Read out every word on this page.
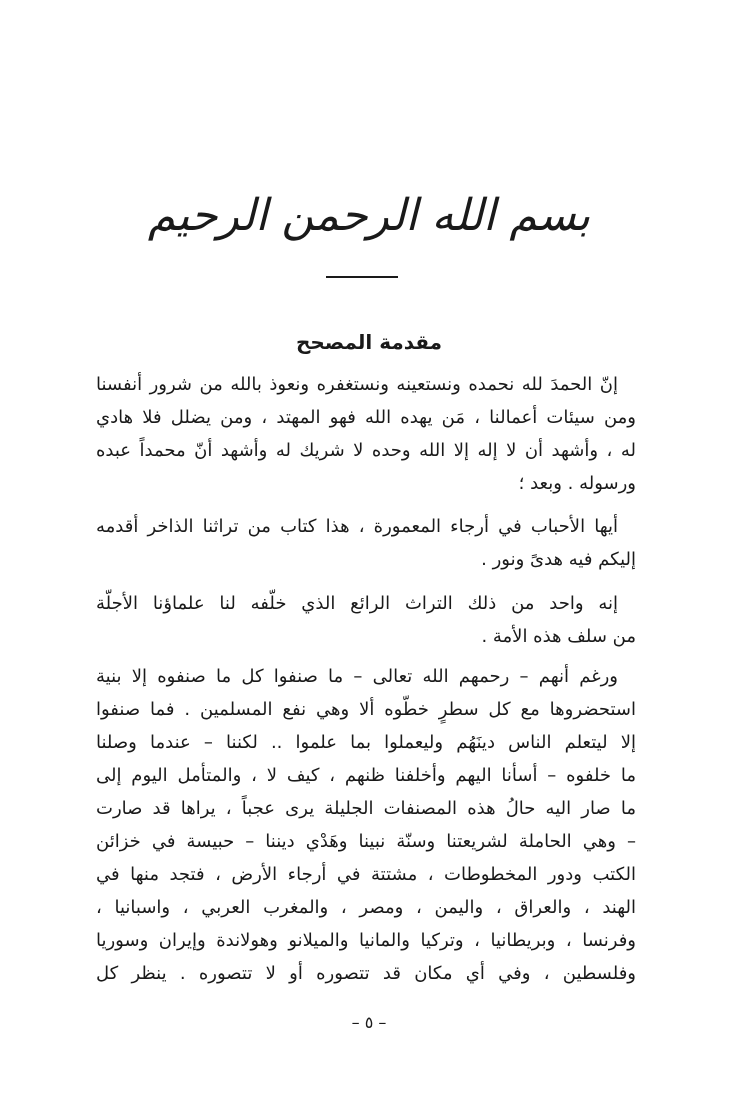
بسم الله الرحمن الرحيم
مقدمة المصحح
إنّ الحمدَ لله نحمده ونستعينه ونستغفره ونعوذ بالله من شرور أنفسنا
ومن سيئات أعمالنا ، مَن يهده الله فهو المهتد ، ومن يضلل فلا هادي
له ، وأشهد أن لا إله إلا الله وحده لا شريك له وأشهد أنّ محمداً عبده
ورسوله . وبعد ؛
أيها الأحباب في أرجاء المعمورة ، هذا كتاب من تراثنا الذاخر أقدمه
إليكم فيه هدىً ونور .
إنه واحد من ذلك التراث الرائع الذي خلّفه لنا علماؤنا الأجلّة
من سلف هذه الأمة .
ورغم أنهم – رحمهم الله تعالى – ما صنفوا كل ما صنفوه إلا بنية
استحضروها مع كل سطرٍ خطّوه ألا وهي نفع المسلمين . فما صنفوا
إلا ليتعلم الناس دينَهُم وليعملوا بما علموا .. لكننا – عندما وصلنا
ما خلفوه – أسأنا اليهم وأخلفنا ظنهم ، كيف لا ، والمتأمل اليوم إلى
ما صار اليه حالُ هذه المصنفات الجليلة يرى عجباً ، يراها قد صارت
– وهي الحاملة لشريعتنا وسنّة نبينا وهَدْي ديننا – حبيسة في خزائن
الكتب ودور المخطوطات ، مشتتة في أرجاء الأرض ، فتجد منها في
الهند ، والعراق ، واليمن ، ومصر ، والمغرب العربي ، واسبانيا ،
وفرنسا ، وبريطانيا ، وتركيا والمانيا والميلانو وهولاندة وإيران وسوريا
وفلسطين ، وفي أي مكان قد تتصوره أو لا تتصوره . ينظر كل
– ٥ –
